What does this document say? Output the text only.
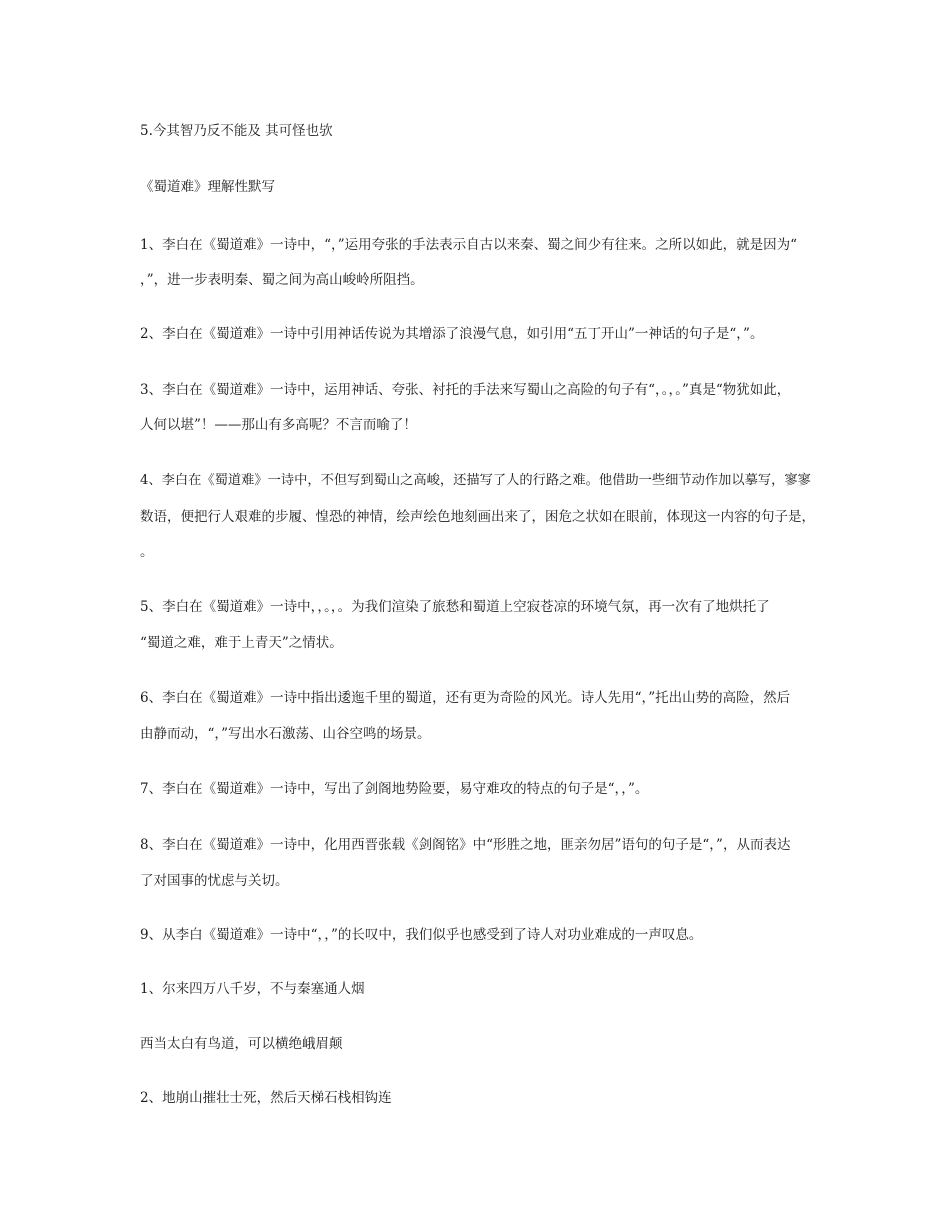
5.今其智乃反不能及 其可怪也欤
《蜀道难》理解性默写
1、李白在《蜀道难》一诗中，“，”运用夸张的手法表示自古以来秦、蜀之间少有往来。之所以如此，就是因为“
，”，进一步表明秦、蜀之间为高山峻岭所阻挡。
2、李白在《蜀道难》一诗中引用神话传说为其增添了浪漫气息，如引用“五丁开山”一神话的句子是“，”。
3、李白在《蜀道难》一诗中，运用神话、夸张、衬托的手法来写蜀山之高险的句子有“，。，。”真是“物犹如此，
人何以堪”！——那山有多高呢？不言而喻了！
4、李白在《蜀道难》一诗中，不但写到蜀山之高峻，还描写了人的行路之难。他借助一些细节动作加以摹写，寥寥
数语，便把行人艰难的步履、惶恐的神情，绘声绘色地刻画出来了，困危之状如在眼前，体现这一内容的句子是，
。
5、李白在《蜀道难》一诗中，，。，。为我们渲染了旅愁和蜀道上空寂苍凉的环境气氛，再一次有了地烘托了
“蜀道之难，难于上青天”之情状。
6、李白在《蜀道难》一诗中指出逶迤千里的蜀道，还有更为奇险的风光。诗人先用“，”托出山势的高险，然后
由静而动，“，”写出水石激荡、山谷空鸣的场景。
7、李白在《蜀道难》一诗中，写出了剑阁地势险要，易守难攻的特点的句子是“，，”。
8、李白在《蜀道难》一诗中，化用西晋张载《剑阁铭》中“形胜之地，匪亲勿居”语句的句子是“，”，从而表达
了对国事的忧虑与关切。
9、从李白《蜀道难》一诗中“，，”的长叹中，我们似乎也感受到了诗人对功业难成的一声叹息。
1、尔来四万八千岁，不与秦塞通人烟
西当太白有鸟道，可以横绝峨眉颠
2、地崩山摧壮士死，然后天梯石栈相钩连
